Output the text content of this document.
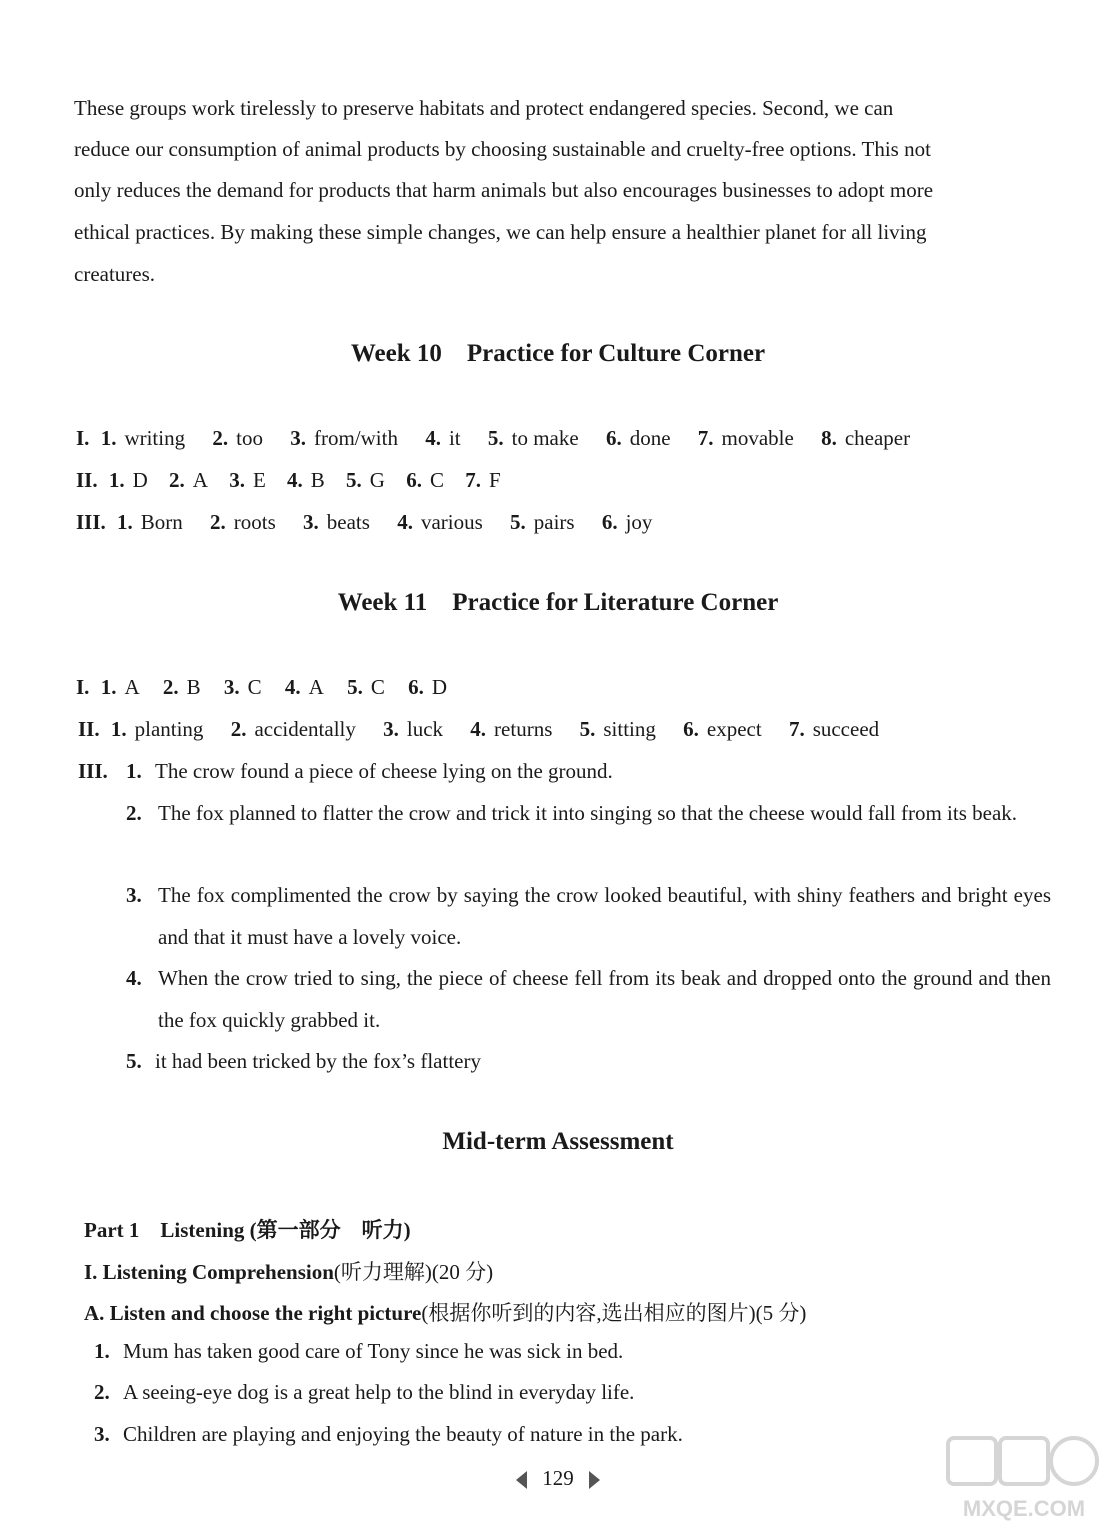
These groups work tirelessly to preserve habitats and protect endangered species. Second, we can
reduce our consumption of animal products by choosing sustainable and cruelty-free options. This not
only reduces the demand for products that harm animals but also encourages businesses to adopt more
ethical practices. By making these simple changes, we can help ensure a healthier planet for all living
creatures.
Week 10    Practice for Culture Corner
I. 1. writing 2. too 3. from/with 4. it 5. to make 6. done 7. movable 8. cheaper
II. 1. D 2. A 3. E 4. B 5. G 6. C 7. F
III. 1. Born 2. roots 3. beats 4. various 5. pairs 6. joy
Week 11    Practice for Literature Corner
I. 1. A 2. B 3. C 4. A 5. C 6. D
II. 1. planting 2. accidentally 3. luck 4. returns 5. sitting 6. expect 7. succeed
III. 1. The crow found a piece of cheese lying on the ground.
2. The fox planned to flatter the crow and trick it into singing so that the cheese would fall from its beak.
3. The fox complimented the crow by saying the crow looked beautiful, with shiny feathers and bright eyes and that it must have a lovely voice.
4. When the crow tried to sing, the piece of cheese fell from its beak and dropped onto the ground and then the fox quickly grabbed it.
5. it had been tricked by the fox’s flattery
Mid-term Assessment
Part 1    Listening (第一部分    听力)
I. Listening Comprehension(听力理解)(20 分)
A. Listen and choose the right picture(根据你听到的内容,选出相应的图片)(5 分)
1. Mum has taken good care of Tony since he was sick in bed.
2. A seeing-eye dog is a great help to the blind in everyday life.
3. Children are playing and enjoying the beauty of nature in the park.
129
MXQE.COM
